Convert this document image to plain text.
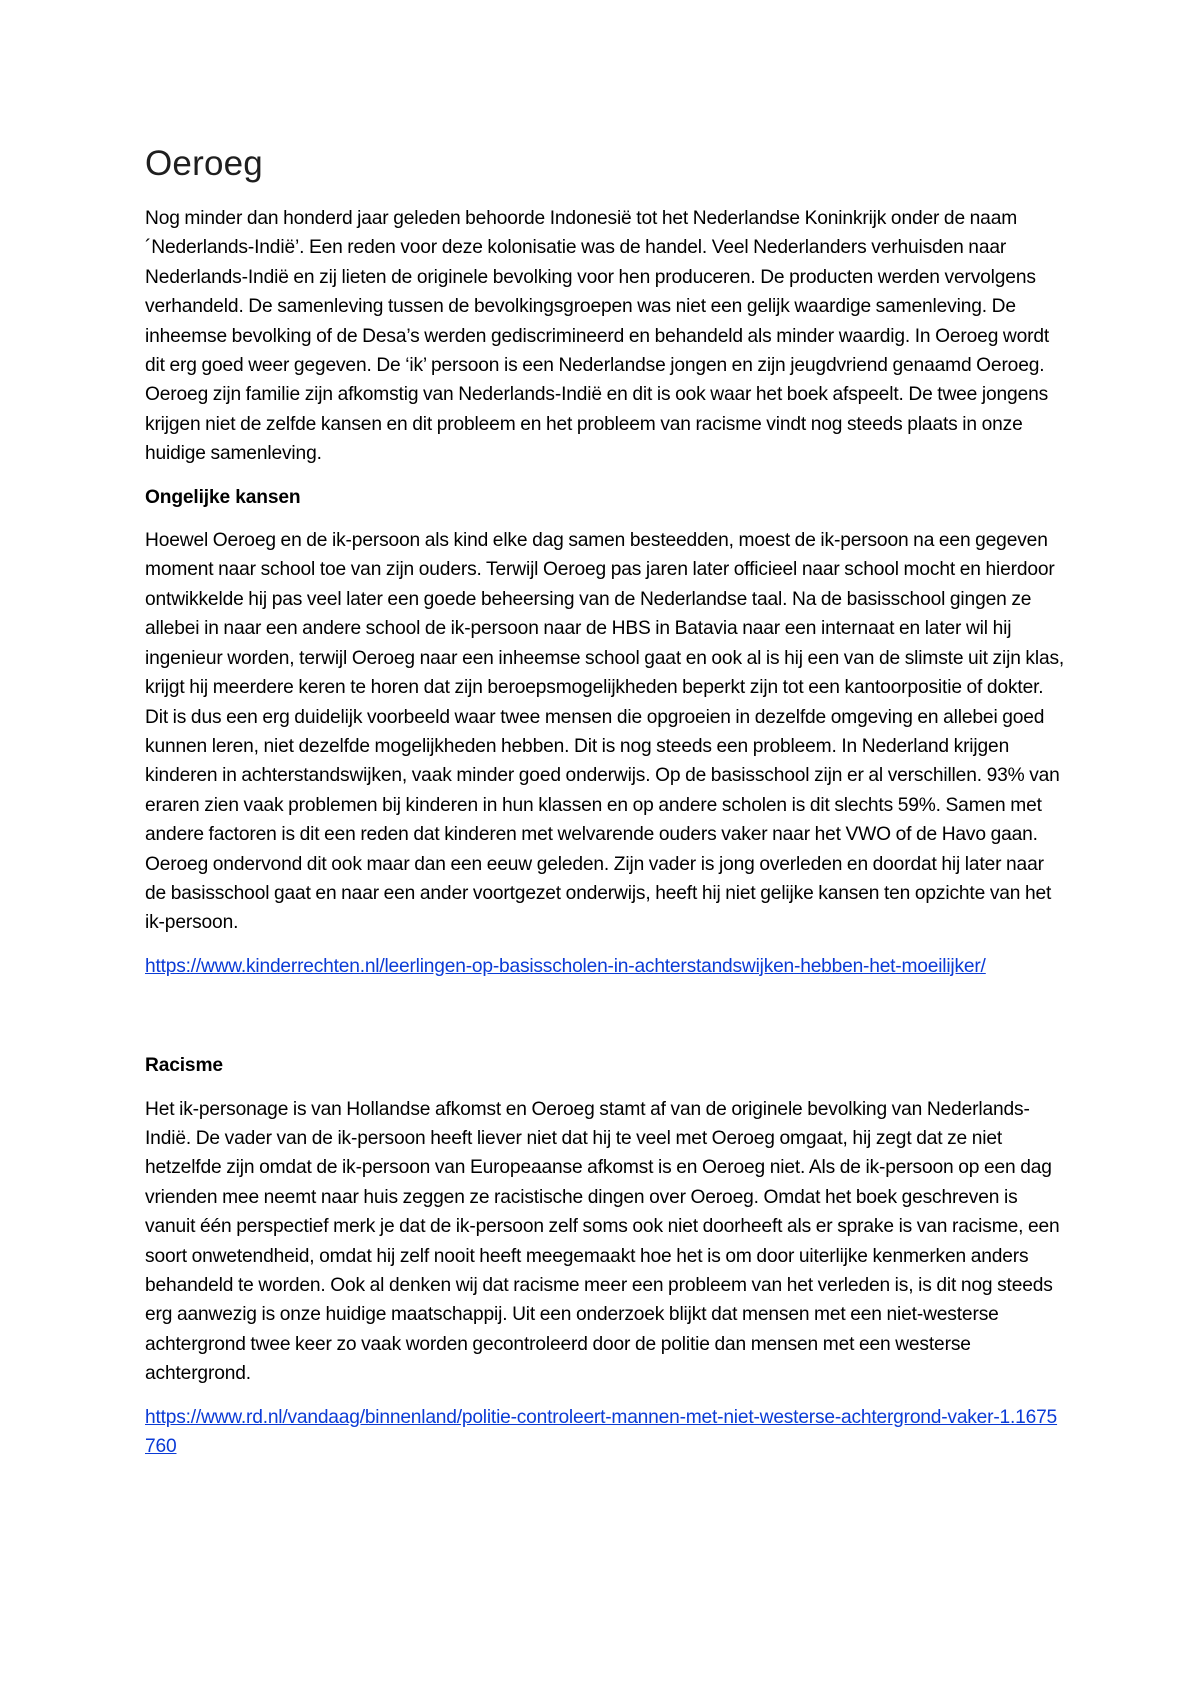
Oeroeg

Nog minder dan honderd jaar geleden behoorde Indonesië tot het Nederlandse Koninkrijk onder de naam ´Nederlands-Indië’. Een reden voor deze kolonisatie was de handel. Veel Nederlanders verhuisden naar Nederlands-Indië en zij lieten de originele bevolking voor hen produceren. De producten werden vervolgens verhandeld. De samenleving tussen de bevolkingsgroepen was niet een gelijk waardige samenleving. De inheemse bevolking of de Desa’s werden gediscrimineerd en behandeld als minder waardig. In Oeroeg wordt dit erg goed weer gegeven. De ‘ik’ persoon is een Nederlandse jongen en zijn jeugdvriend genaamd Oeroeg. Oeroeg zijn familie zijn afkomstig van Nederlands-Indië en dit is ook waar het boek afspeelt. De twee jongens krijgen niet de zelfde kansen en dit probleem en het probleem van racisme vindt nog steeds plaats in onze huidige samenleving.

Ongelijke kansen

Hoewel Oeroeg en de ik-persoon als kind elke dag samen besteedden, moest de ik-persoon na een gegeven moment naar school toe van zijn ouders. Terwijl Oeroeg pas jaren later officieel naar school mocht en hierdoor ontwikkelde hij pas veel later een goede beheersing van de Nederlandse taal. Na de basisschool gingen ze allebei in naar een andere school de ik-persoon naar de HBS in Batavia naar een internaat en later wil hij ingenieur worden, terwijl Oeroeg naar een inheemse school gaat en ook al is hij een van de slimste uit zijn klas, krijgt hij meerdere keren te horen dat zijn beroepsmogelijkheden beperkt zijn tot een kantoorpositie of dokter. Dit is dus een erg duidelijk voorbeeld waar twee mensen die opgroeien in dezelfde omgeving en allebei goed kunnen leren, niet dezelfde mogelijkheden hebben. Dit is nog steeds een probleem. In Nederland krijgen kinderen in achterstandswijken, vaak minder goed onderwijs. Op de basisschool zijn er al verschillen. 93% van eraren zien vaak problemen bij kinderen in hun klassen en op andere scholen is dit slechts 59%. Samen met andere factoren is dit een reden dat kinderen met welvarende ouders vaker naar het VWO of de Havo gaan. Oeroeg ondervond dit ook maar dan een eeuw geleden. Zijn vader is jong overleden en doordat hij later naar de basisschool gaat en naar een ander voortgezet onderwijs, heeft hij niet gelijke kansen ten opzichte van het ik-persoon.

https://www.kinderrechten.nl/leerlingen-op-basisscholen-in-achterstandswijken-hebben-het-moeilijker/

Racisme

Het ik-personage is van Hollandse afkomst en Oeroeg stamt af van de originele bevolking van Nederlands-Indië. De vader van de ik-persoon heeft liever niet dat hij te veel met Oeroeg omgaat, hij zegt dat ze niet hetzelfde zijn omdat de ik-persoon van Europeaanse afkomst is en Oeroeg niet. Als de ik-persoon op een dag vrienden mee neemt naar huis zeggen ze racistische dingen over Oeroeg. Omdat het boek geschreven is vanuit één perspectief merk je dat de ik-persoon zelf soms ook niet doorheeft als er sprake is van racisme, een soort onwetendheid, omdat hij zelf nooit heeft meegemaakt hoe het is om door uiterlijke kenmerken anders behandeld te worden. Ook al denken wij dat racisme meer een probleem van het verleden is, is dit nog steeds erg aanwezig is onze huidige maatschappij. Uit een onderzoek blijkt dat mensen met een niet-westerse achtergrond twee keer zo vaak worden gecontroleerd door de politie dan mensen met een westerse achtergrond.

https://www.rd.nl/vandaag/binnenland/politie-controleert-mannen-met-niet-westerse-achtergrond-vaker-1.1675760
